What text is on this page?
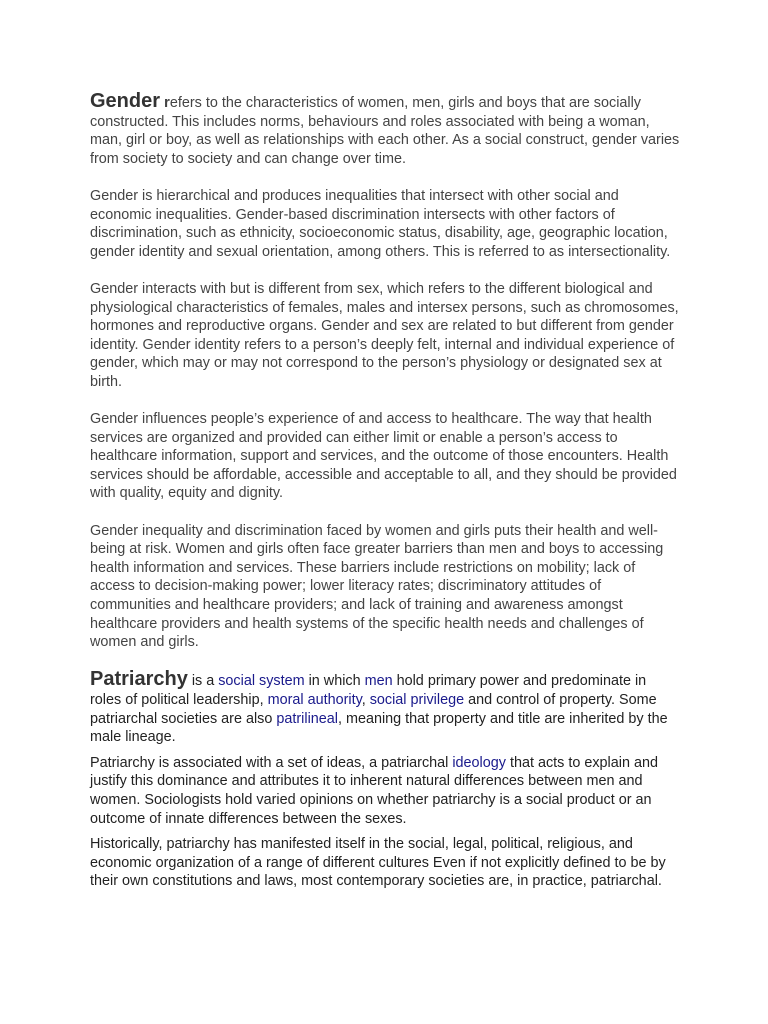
Gender refers to the characteristics of women, men, girls and boys that are socially constructed. This includes norms, behaviours and roles associated with being a woman, man, girl or boy, as well as relationships with each other. As a social construct, gender varies from society to society and can change over time.

Gender is hierarchical and produces inequalities that intersect with other social and economic inequalities. Gender-based discrimination intersects with other factors of discrimination, such as ethnicity, socioeconomic status, disability, age, geographic location, gender identity and sexual orientation, among others. This is referred to as intersectionality.

Gender interacts with but is different from sex, which refers to the different biological and physiological characteristics of females, males and intersex persons, such as chromosomes, hormones and reproductive organs. Gender and sex are related to but different from gender identity. Gender identity refers to a person’s deeply felt, internal and individual experience of gender, which may or may not correspond to the person’s physiology or designated sex at birth.

Gender influences people’s experience of and access to healthcare. The way that health services are organized and provided can either limit or enable a person’s access to healthcare information, support and services, and the outcome of those encounters. Health services should be affordable, accessible and acceptable to all, and they should be provided with quality, equity and dignity.

Gender inequality and discrimination faced by women and girls puts their health and well-being at risk. Women and girls often face greater barriers than men and boys to accessing health information and services. These barriers include restrictions on mobility; lack of access to decision-making power; lower literacy rates; discriminatory attitudes of communities and healthcare providers; and lack of training and awareness amongst healthcare providers and health systems of the specific health needs and challenges of women and girls.

Patriarchy is a social system in which men hold primary power and predominate in roles of political leadership, moral authority, social privilege and control of property. Some patriarchal societies are also patrilineal, meaning that property and title are inherited by the male lineage.

Patriarchy is associated with a set of ideas, a patriarchal ideology that acts to explain and justify this dominance and attributes it to inherent natural differences between men and women. Sociologists hold varied opinions on whether patriarchy is a social product or an outcome of innate differences between the sexes.

Historically, patriarchy has manifested itself in the social, legal, political, religious, and economic organization of a range of different cultures Even if not explicitly defined to be by their own constitutions and laws, most contemporary societies are, in practice, patriarchal.
